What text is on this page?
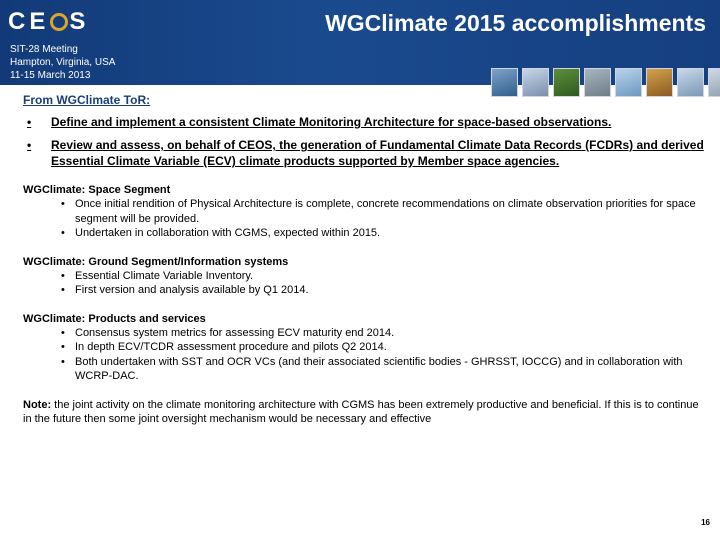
CE S
SIT-28 Meeting
Hampton, Virginia, USA
11-15 March 2013
WGClimate 2015 accomplishments
From WGClimate ToR:
•	Define and implement a consistent Climate Monitoring Architecture for space-based observations.
•	Review and assess, on behalf of CEOS, the generation of Fundamental Climate Data Records (FCDRs) and derived Essential Climate Variable (ECV) climate products supported by Member space agencies.
WGClimate: Space Segment
• Once initial rendition of Physical Architecture is complete, concrete recommendations on climate observation priorities for space segment will be provided.
• Undertaken in collaboration with CGMS, expected within 2015.
WGClimate: Ground Segment/Information systems
• Essential Climate Variable Inventory.
• First version and analysis available by Q1 2014.
WGClimate: Products and services
• Consensus system metrics for assessing ECV maturity end 2014.
• In depth ECV/TCDR assessment procedure and pilots Q2 2014.
• Both undertaken with SST and OCR VCs (and their associated scientific bodies - GHRSST, IOCCG) and in collaboration with WCRP-DAC.
Note: the joint activity on the climate monitoring architecture with CGMS has been extremely productive and beneficial. If this is to continue in the future then some joint oversight mechanism would be necessary and effective
16
